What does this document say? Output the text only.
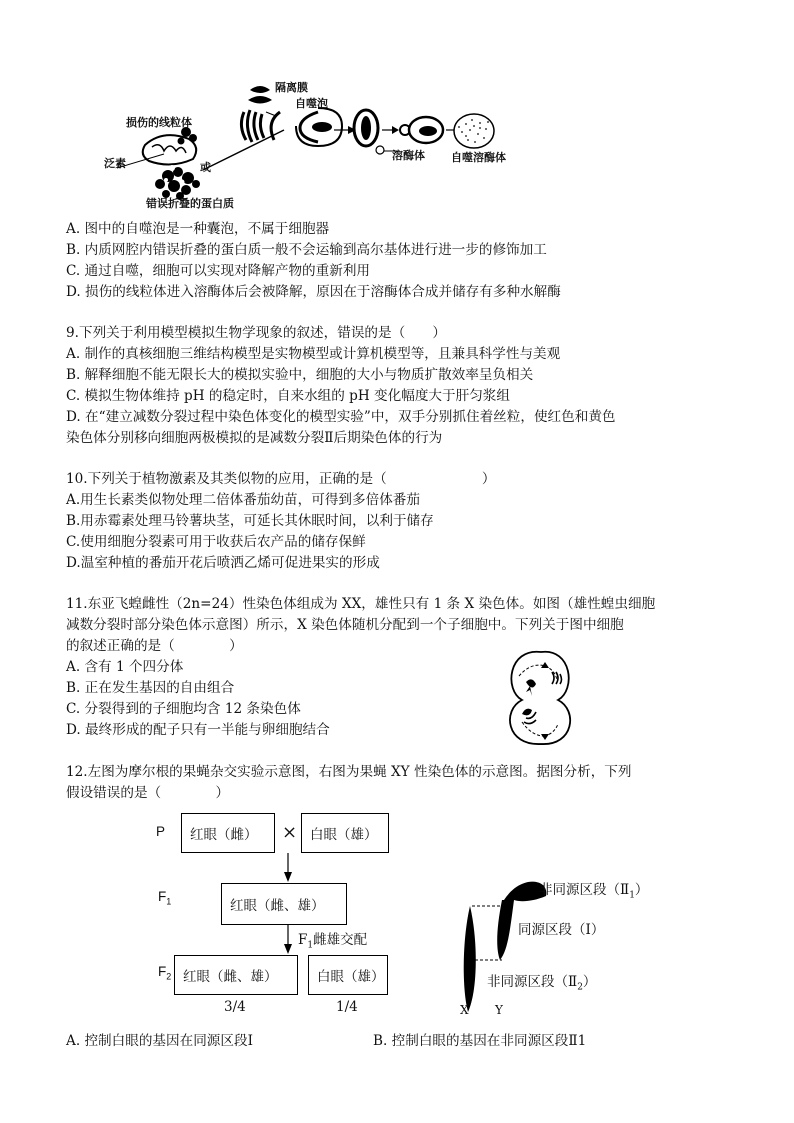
隔离膜
自噬泡
损伤的线粒体
泛素	或
溶酶体 自噬溶酶体
错误折叠的蛋白质
A. 图中的自噬泡是一种囊泡，不属于细胞器
B. 内质网腔内错误折叠的蛋白质一般不会运输到高尔基体进行进一步的修饰加工
C. 通过自噬，细胞可以实现对降解产物的重新利用
D. 损伤的线粒体进入溶酶体后会被降解，原因在于溶酶体合成并储存有多种水解酶
9.下列关于利用模型模拟生物学现象的叙述，错误的是（　　）
A. 制作的真核细胞三维结构模型是实物模型或计算机模型等，且兼具科学性与美观
B. 解释细胞不能无限长大的模拟实验中，细胞的大小与物质扩散效率呈负相关
C. 模拟生物体维持 pH 的稳定时，自来水组的 pH 变化幅度大于肝匀浆组
D. 在“建立减数分裂过程中染色体变化的模型实验”中，双手分别抓住着丝粒，使红色和黄色
染色体分别移向细胞两极模拟的是减数分裂Ⅱ后期染色体的行为
10.下列关于植物激素及其类似物的应用，正确的是（　　　　　　　）
A.用生长素类似物处理二倍体番茄幼苗，可得到多倍体番茄
B.用赤霉素处理马铃薯块茎，可延长其休眠时间，以利于储存
C.使用细胞分裂素可用于收获后农产品的储存保鲜
D.温室种植的番茄开花后喷洒乙烯可促进果实的形成
11.东亚飞蝗雌性（2n=24）性染色体组成为 XX，雄性只有 1 条 X 染色体。如图（雄性蝗虫细胞
减数分裂时部分染色体示意图）所示，X 染色体随机分配到一个子细胞中。下列关于图中细胞
的叙述正确的是（　　　　）
A. 含有 1 个四分体
B. 正在发生基因的自由组合
C. 分裂得到的子细胞均含 12 条染色体
D. 最终形成的配子只有一半能与卵细胞结合
12.左图为摩尔根的果蝇杂交实验示意图，右图为果蝇 XY 性染色体的示意图。据图分析，下列
假设错误的是（　　　　）
P 红眼（雌） × 白眼（雄）
$F_1$	红眼（雌、雄）
$F_1$雌雄交配
$F_2$ 红眼（雌、雄）	白眼（雄）
3/4	1/4
非同源区段$(Ⅱ_1)$
同源区段（Ⅰ）
非同源区段$(Ⅱ_2)$
X Y
A. 控制白眼的基因在同源区段Ⅰ	B. 控制白眼的基因在非同源区段Ⅱ1
